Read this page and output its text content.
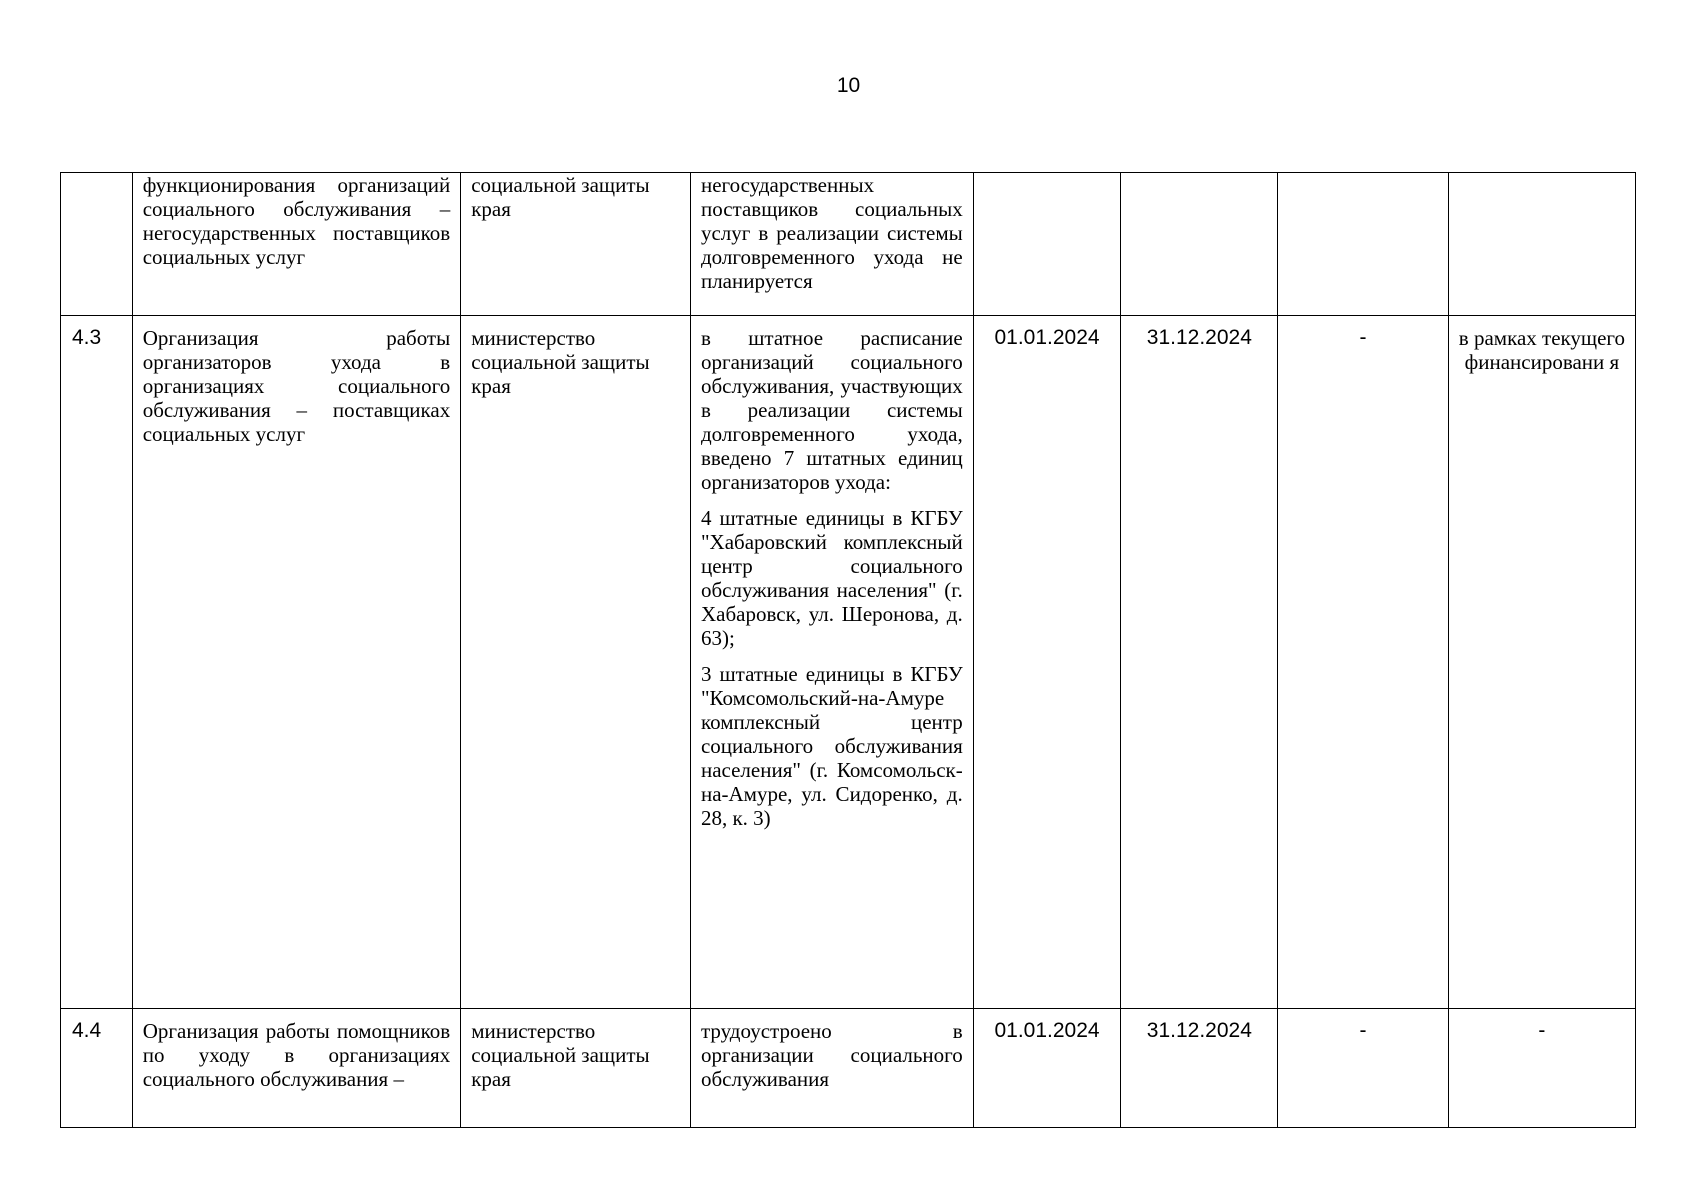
10
	функционирования организаций социального обслуживания – негосударственных поставщиков социальных услуг	социальной защиты края	негосударственных поставщиков социальных услуг в реализации системы долговременного ухода не планируется				

4.3	Организация работы организаторов ухода в организациях социального обслуживания – поставщиках социальных услуг	министерство социальной защиты края	в штатное расписание организаций социального обслуживания, участвующих в реализации системы долговременного ухода, введено 7 штатных единиц организаторов ухода:
4 штатные единицы в КГБУ "Хабаровский комплексный центр социального обслуживания населения" (г. Хабаровск, ул. Шеронова, д. 63);
3 штатные единицы в КГБУ "Комсомольский-на-Амуре комплексный центр социального обслуживания населения" (г. Комсомольск-на-Амуре, ул. Сидоренко, д. 28, к. 3)	01.01.2024	31.12.2024	-	в рамках текущего финансировани я
4.4	Организация работы помощников по уходу в организациях социального обслуживания –	министерство социальной защиты края	трудоустроено в организации социального обслуживания	01.01.2024	31.12.2024	-	-
